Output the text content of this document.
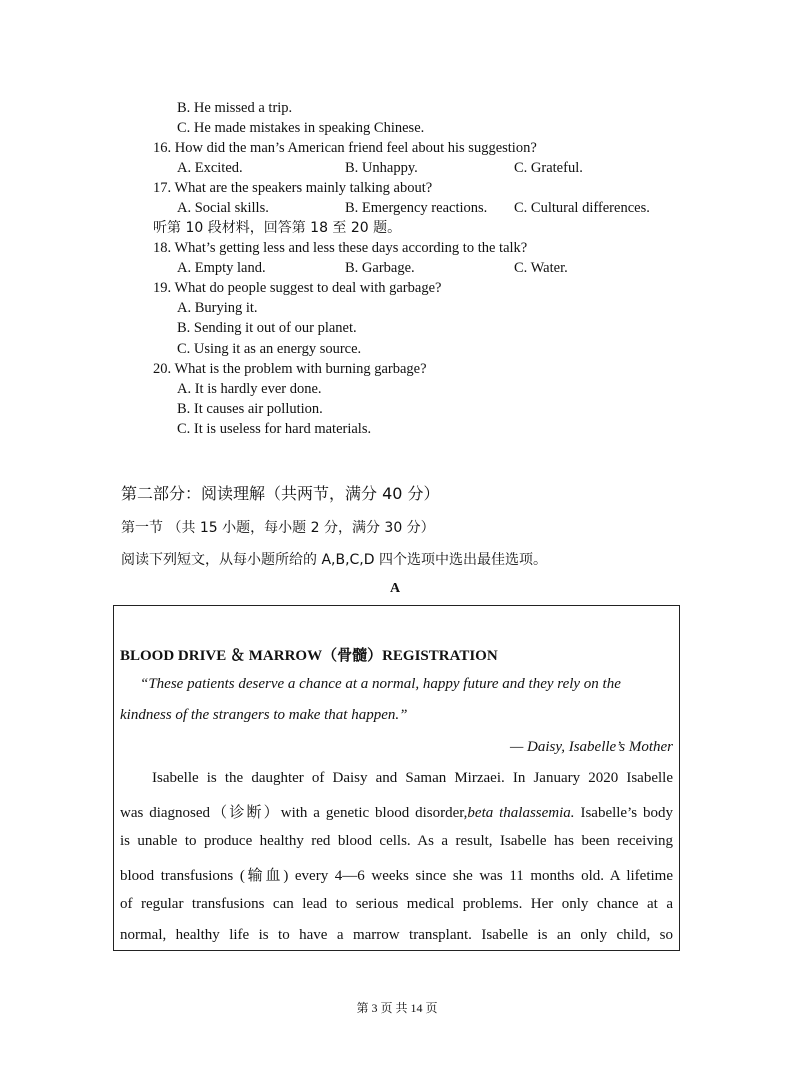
B. He missed a trip.
C. He made mistakes in speaking Chinese.
16. How did the man’s American friend feel about his suggestion?
A. Excited.	B. Unhappy.	C. Grateful.
17. What are the speakers mainly talking about?
A. Social skills.	B. Emergency reactions. C. Cultural differences.
听第 10 段材料，回答第 18 至 20 题。
18. What’s getting less and less these days according to the talk?
A. Empty land.	B. Garbage.	C. Water.
19. What do people suggest to deal with garbage?
A. Burying it.
B. Sending it out of our planet.
C. Using it as an energy source.
20. What is the problem with burning garbage?
A. It is hardly ever done.
B. It causes air pollution.
C. It is useless for hard materials.
第二部分：阅读理解（共两节，满分 40 分）
第一节 （共 15 小题，每小题 2 分，满分 30 分）
阅读下列短文，从每小题所给的 A,B,C,D 四个选项中选出最佳选项。
A
BLOOD DRIVE ＆ MARROW（骨髓）REGISTRATION
“These patients deserve a chance at a normal, happy future and they rely on the
kindness of the strangers to make that happen.”
— Daisy, Isabelle’s Mother
Isabelle is the daughter of Daisy and Saman Mirzaei. In January 2020 Isabelle
was diagnosed（诊断）with a genetic blood disorder,beta thalassemia. Isabelle’s body
is unable to produce healthy red blood cells. As a result, Isabelle has been receiving
blood transfusions (输血) every 4—6 weeks since she was 11 months old. A lifetime
of regular transfusions can lead to serious medical problems. Her only chance at a
normal, healthy life is to have a marrow transplant. Isabelle is an only child, so
第 3 页 共 14 页
